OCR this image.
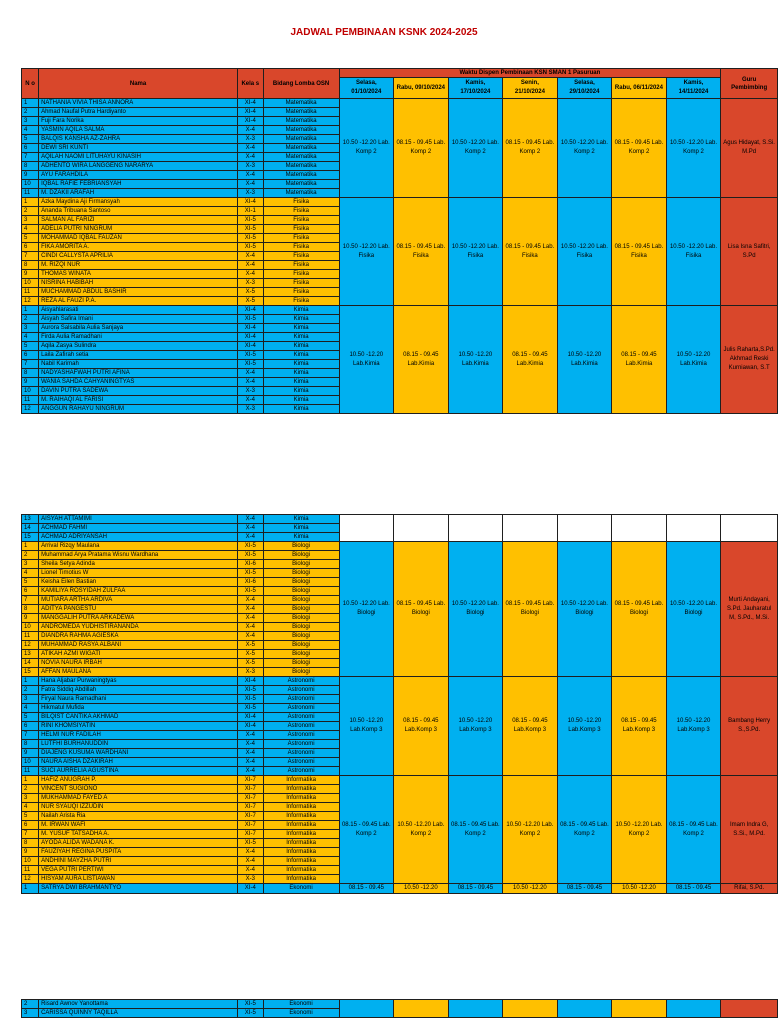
JADWAL PEMBINAAN KSNK 2024-2025
N o	Nama	Kela s	Bidang Lomba OSN	Waktu Dispen Pembinaan KSN SMAN 1 Pasuruan							Guru Pembimbing
				Selasa, 01/10/2024	Rabu, 09/10/2024	Kamis, 17/10/2024	Senin, 21/10/2024	Selasa, 29/10/2024	Rabu, 06/11/2024	Kamis, 14/11/2024	
1	NATHANIA VIVIA THISA ANNORA	XI-4	Matematika	10.50 -12.20 Lab. Komp 2	08.15 - 09.45 Lab. Komp 2	10.50 -12.20 Lab. Komp 2	08.15 - 09.45 Lab. Komp 2	10.50 -12.20 Lab. Komp 2	08.15 - 09.45 Lab. Komp 2	10.50 -12.20 Lab. Komp 2	Agus Hidayat, S.Si. M.Pd
2	Ahmad Naufal Putra Hardiyanto	XI-4	Matematika								
3	Fuji Fara Norika	XI-4	Matematika								
4	YASMIN AQILA SALMA	X-4	Matematika								
5	BALQIS KANSHA AZ-ZAHRA	X-3	Matematika								
6	DEWI SRI KUNTI	X-4	Matematika								
7	AQILAH NAOMI LITUHAYU KINASIH	X-4	Matematika								
8	ADHENTO WIRA LANGGENG NARARYA	X-3	Matematika								
9	AYU FARAHDILA	X-4	Matematika								
10	IQBAL RAFIE FEBRIANSYAH	X-4	Matematika								
11	M. DZAKII ARAFAH	X-3	Matematika								
1	Azka Maydina Aji Firmansyah	XI-4	Fisika	10.50 -12.20 Lab. Fisika	08.15 - 09.45 Lab. Fisika	10.50 -12.20 Lab. Fisika	08.15 - 09.45 Lab. Fisika	10.50 -12.20 Lab. Fisika	08.15 - 09.45 Lab. Fisika	10.50 -12.20 Lab. Fisika	Lisa Isna Safitri, S.Pd
2	Ananda Tribuana Santoso	XI-1	Fisika								
3	SALMAN AL FARIZI	XI-5	Fisika								
4	ADELIA PUTRI NINGRUM	XI-5	Fisika								
5	MOHAMMAD IQBAL FAUZAN	XI-5	Fisika								
6	FIKA AMORITA A.	XI-5	Fisika								
7	CINDI CALLYSTA APRILIA	X-4	Fisika								
8	M. RIZQI NUR	X-4	Fisika								
9	THOMAS WINATA	X-4	Fisika								
10	NISRINA HABIBAH	X-3	Fisika								
11	MUCHAMMAD ABDUL BASHIR	X-5	Fisika								
12	REZA AL FAUZI P.A.	X-5	Fisika								
1	Aisyahlarasati	XI-4	Kimia	10.50 -12.20 Lab.Kimia	08.15 - 09.45 Lab.Kimia	10.50 -12.20 Lab.Kimia	08.15 - 09.45 Lab.Kimia	10.50 -12.20 Lab.Kimia	08.15 - 09.45 Lab.Kimia	10.50 -12.20 Lab.Kimia	Julis Raharta,S.Pd. Akhmad Reski Kurniawan, S.T
2	Aisyah Safira Imani	XI-5	Kimia								
3	Aurora Salsabila Aulia Sanjaya	XI-4	Kimia								
4	Firda Aulia Ramadhani	XI-4	Kimia								
5	Aqila Zasya Sulindra	XI-4	Kimia								
6	Laila Zafirah setia	XI-5	Kimia								
7	Nabil Karimah	XI-5	Kimia								
8	NADYASHAFWAH PUTRI AFINA	X-4	Kimia								
9	WANIA SAHDA CAHYANINGTYAS	X-4	Kimia								
10	DAVIN PUTRA SADEWA	X-3	Kimia								
11	M. RAIHAQI AL FARISI	X-4	Kimia								
12	ANGGUN RAHAYU NINGRUM	X-3	Kimia								
13	AISYAH ATTAMIMI	X-4	Kimia								
14	ACHMAD FAHMI	X-4	Kimia								
15	ACHMAD ADRIYANSAH	X-4	Kimia								
1	Arrival Rizqy Maulana	XI-5	Biologi	10.50 -12.20 Lab. Biologi	08.15 - 09.45 Lab. Biologi	10.50 -12.20 Lab. Biologi	08.15 - 09.45 Lab. Biologi	10.50 -12.20 Lab. Biologi	08.15 - 09.45 Lab. Biologi	10.50 -12.20 Lab. Biologi	Murti Andayani, S.Pd. Jauharatul M, S.Pd., M.Si.
2	Muhammad Arya Pratama Wisnu Wardhana	XI-5	Biologi								
3	Sheila Setya Adinda	XI-6	Biologi								
4	Lionel Timotius W	XI-5	Biologi								
5	Keisha Eilen Bastian	XI-6	Biologi								
6	KAMILIYA ROSYIDAH ZULFAA	XI-5	Biologi								
7	MUTIARA ARTHA ARDIVA	X-4	Biologi								
8	ADITYA PANGESTU	X-4	Biologi								
9	MANGGALIH PUTRA ARKADEWA	X-4	Biologi								
10	ANDROMEDA YUDHISTIRANANDA	X-4	Biologi								
11	DIANDRA RAHMA AGIESKA	X-4	Biologi								
12	MUHAMMAD RASYA ALBANI	X-5	Biologi								
13	ATIKAH AZMI WIGATI	X-5	Biologi								
14	NOVIA NAURA IRBAH	X-5	Biologi								
15	AFFAN MAULANA	X-3	Biologi								
1	Hana Aljabar Purwaningtyas	XI-4	Astronomi	10.50 -12.20 Lab.Komp 3	08.15 - 09.45 Lab.Komp 3	10.50 -12.20 Lab.Komp 3	08.15 - 09.45 Lab.Komp 3	10.50 -12.20 Lab.Komp 3	08.15 - 09.45 Lab.Komp 3	10.50 -12.20 Lab.Komp 3	Bambang Herry S.,S.Pd.
2	Fatra Siddiq Abdillah	XI-5	Astronomi								
3	Firyal Naura Ramadhani	XI-5	Astronomi								
4	Hikmatul Mufida	XI-5	Astronomi								
5	BILQIST CANTIKA AKHMAD	XI-4	Astronomi								
6	RINI KHOMSIYATIN	XI-4	Astronomi								
7	HELMI NUR FADILAH	X-4	Astronomi								
8	LUTFHI BURHANUDDIN	X-4	Astronomi								
9	DIAJENG KUSUMA WARDHANI	X-4	Astronomi								
10	NAURA AISHA DZAKIRAH	X-4	Astronomi								
11	SUCI AURRELIA AGUSTINA	X-4	Astronomi								
1	HAFIZ ANUGRAH P.	XI-7	Informatika	08.15 - 09.45 Lab. Komp 2	10.50 -12.20 Lab. Komp 2	08.15 - 09.45 Lab. Komp 2	10.50 -12.20 Lab. Komp 2	08.15 - 09.45 Lab. Komp 2	10.50 -12.20 Lab. Komp 2	08.15 - 09.45 Lab. Komp 2	Imam Indra G, S.Si., M.Pd.
2	VINCENT SUGIONO	XI-7	Informatika								
3	MUKHAMMAD FAYED A	XI-7	Informatika								
4	NUR SYAUQI IZZUDIN	XI-7	Informatika								
5	Nailah Arista Ria	XI-7	Informatika								
6	M. IRWAN WAFI	XI-7	Informatika								
7	M. YUSUF TATSADHA A.	XI-7	Informatika								
8	AYODA ALIDA WADANA K.	XI-5	Informatika								
9	FAUZIYAH REGINA PUSPITA	X-4	Informatika								
10	ANDHINI MAYZHA PUTRI	X-4	Informatika								
11	VEGA PUTRI PERTIWI	X-4	Informatika								
12	HISYAM AURA LISTIAWAN	X-3	Informatika								
1	SATRYA DWI BRAHMANTYO	XI-4	Ekonomi	08.15 - 09.45	10.50 -12.20	08.15 - 09.45	10.50 -12.20	08.15 - 09.45	10.50 -12.20	08.15 - 09.45	Rifai, S.Pd.
2	Risard Awnov Yanottama	XI-5	Ekonomi								
3	CARISSA QUINNY TAQILLA	XI-5	Ekonomi								
